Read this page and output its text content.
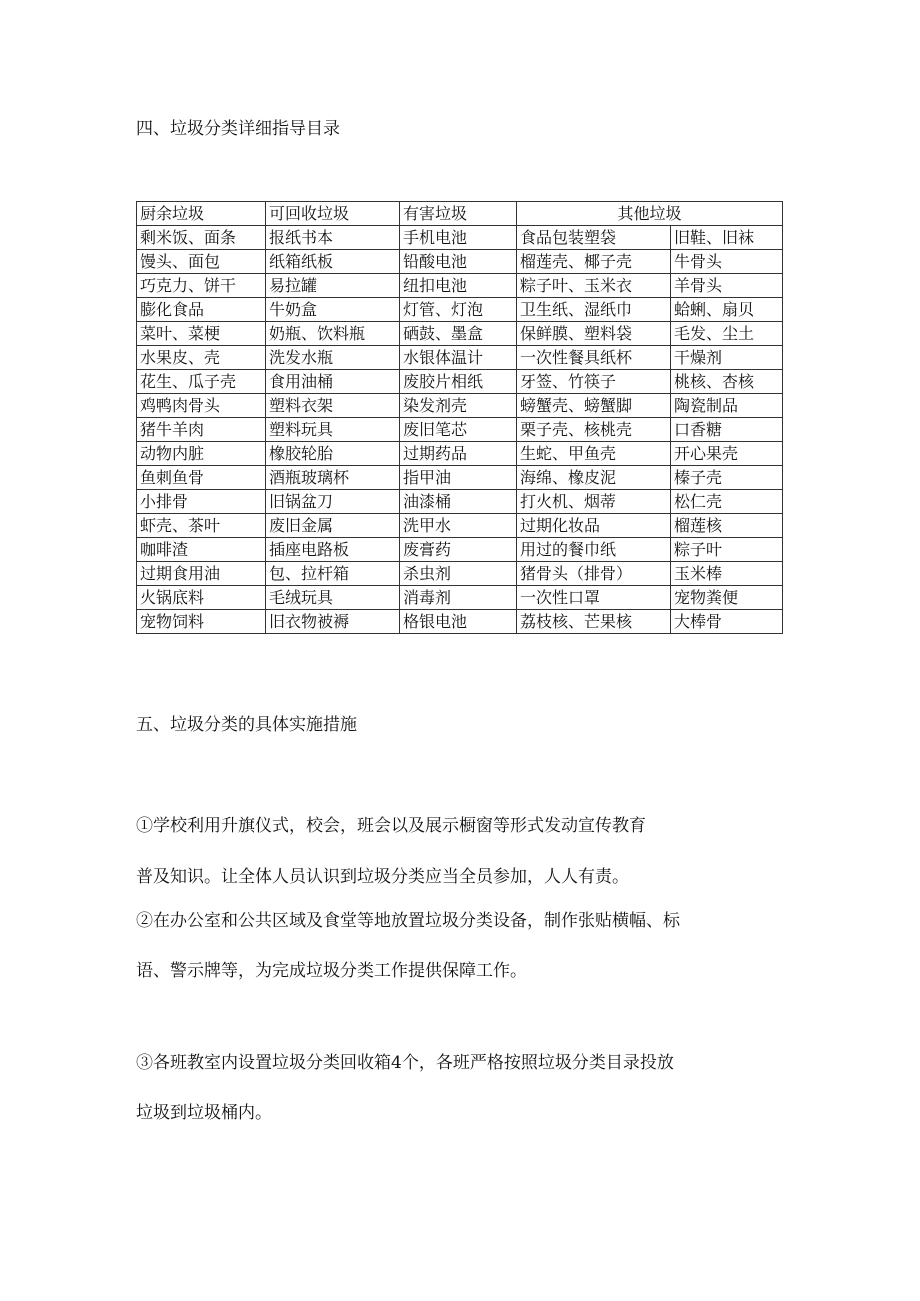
四、垃圾分类详细指导目录
厨余垃圾	可回收垃圾	有害垃圾	其他垃圾	
剩米饭、面条	报纸书本	手机电池	食品包装塑袋	旧鞋、旧袜
馒头、面包	纸箱纸板	铅酸电池	榴莲壳、椰子壳	牛骨头
巧克力、饼干	易拉罐	纽扣电池	粽子叶、玉米衣	羊骨头
膨化食品	牛奶盒	灯管、灯泡	卫生纸、湿纸巾	蛤蜊、扇贝
菜叶、菜梗	奶瓶、饮料瓶	硒鼓、墨盒	保鲜膜、塑料袋	毛发、尘土
水果皮、壳	洗发水瓶	水银体温计	一次性餐具纸杯	干燥剂
花生、瓜子壳	食用油桶	废胶片相纸	牙签、竹筷子	桃核、杏核
鸡鸭肉骨头	塑料衣架	染发剂壳	螃蟹壳、螃蟹脚	陶瓷制品
猪牛羊肉	塑料玩具	废旧笔芯	栗子壳、核桃壳	口香糖
动物内脏	橡胶轮胎	过期药品	生蛇、甲鱼壳	开心果壳
鱼刺鱼骨	酒瓶玻璃杯	指甲油	海绵、橡皮泥	榛子壳
小排骨	旧锅盆刀	油漆桶	打火机、烟蒂	松仁壳
虾壳、茶叶	废旧金属	洗甲水	过期化妆品	榴莲核
咖啡渣	插座电路板	废膏药	用过的餐巾纸	粽子叶
过期食用油	包、拉杆箱	杀虫剂	猪骨头（排骨）	玉米棒
火锅底料	毛绒玩具	消毒剂	一次性口罩	宠物粪便
宠物饲料	旧衣物被褥	格银电池	荔枝核、芒果核	大棒骨
五、垃圾分类的具体实施措施

①学校利用升旗仪式，校会，班会以及展示橱窗等形式发动宣传教育

普及知识。让全体人员认识到垃圾分类应当全员参加，人人有责。

②在办公室和公共区域及食堂等地放置垃圾分类设备，制作张贴横幅、标

语、警示牌等，为完成垃圾分类工作提供保障工作。

③各班教室内设置垃圾分类回收箱4个，各班严格按照垃圾分类目录投放

垃圾到垃圾桶内。
